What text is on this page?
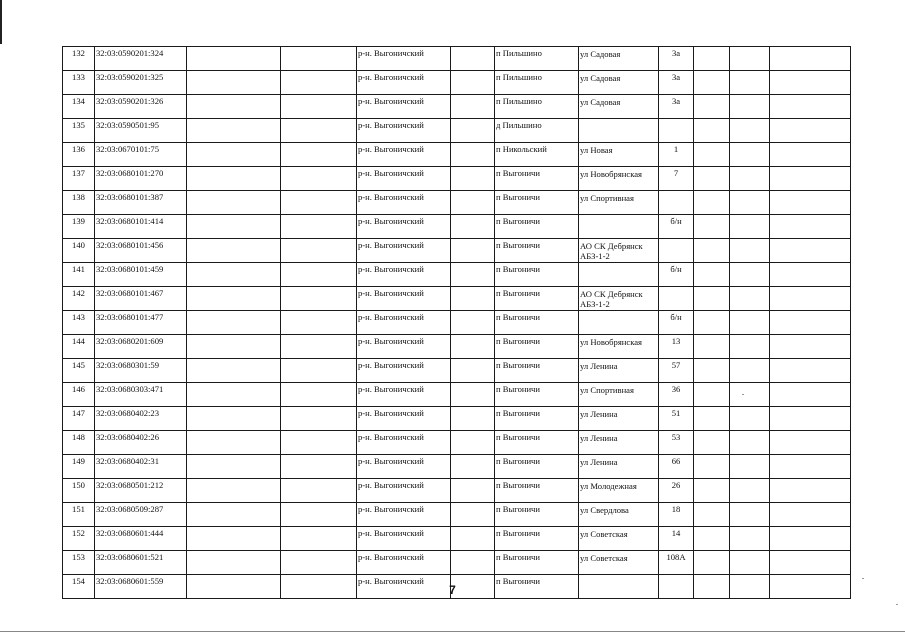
132	32:03:0590201:324			р-н. Выгоничский		п Пильшино	ул Садовая	3а			
133	32:03:0590201:325			р-н. Выгоничский		п Пильшино	ул Садовая	3а			
134	32:03:0590201:326			р-н. Выгоничский		п Пильшино	ул Садовая	3а			
135	32:03:0590501:95			р-н. Выгоничский		д Пильшино					
136	32:03:0670101:75			р-н. Выгоничский		п Никольский	ул Новая	1			
137	32:03:0680101:270			р-н. Выгоничский		п Выгоничи	ул Новобрянская	7			
138	32:03:0680101:387			р-н. Выгоничский		п Выгоничи	ул Спортивная				
139	32:03:0680101:414			р-н. Выгоничский		п Выгоничи		б/н			
140	32:03:0680101:456			р-н. Выгоничский		п Выгоничи	АО СК Дебрянск АБЗ-1-2				
141	32:03:0680101:459			р-н. Выгоничский		п Выгоничи		б/н			
142	32:03:0680101:467			р-н. Выгоничский		п Выгоничи	АО СК Дебрянск АБЗ-1-2				
143	32:03:0680101:477			р-н. Выгоничский		п Выгоничи		б/н			
144	32:03:0680201:609			р-н. Выгоничский		п Выгоничи	ул Новобрянская	13			
145	32:03:0680301:59			р-н. Выгоничский		п Выгоничи	ул Ленина	57			
146	32:03:0680303:471			р-н. Выгоничский		п Выгоничи	ул Спортивная	36			
147	32:03:0680402:23			р-н. Выгоничский		п Выгоничи	ул Ленина	51			
148	32:03:0680402:26			р-н. Выгоничский		п Выгоничи	ул Ленина	53			
149	32:03:0680402:31			р-н. Выгоничский		п Выгоничи	ул Ленина	66			
150	32:03:0680501:212			р-н. Выгоничский		п Выгоничи	ул Молодежная	26			
151	32:03:0680509:287			р-н. Выгоничский		п Выгоничи	ул Свердлова	18			
152	32:03:0680601:444			р-н. Выгоничский		п Выгоничи	ул Советская	14			
153	32:03:0680601:521			р-н. Выгоничский		п Выгоничи	ул Советская	108А			
154	32:03:0680601:559			р-н. Выгоничский		п Выгоничи					
7
